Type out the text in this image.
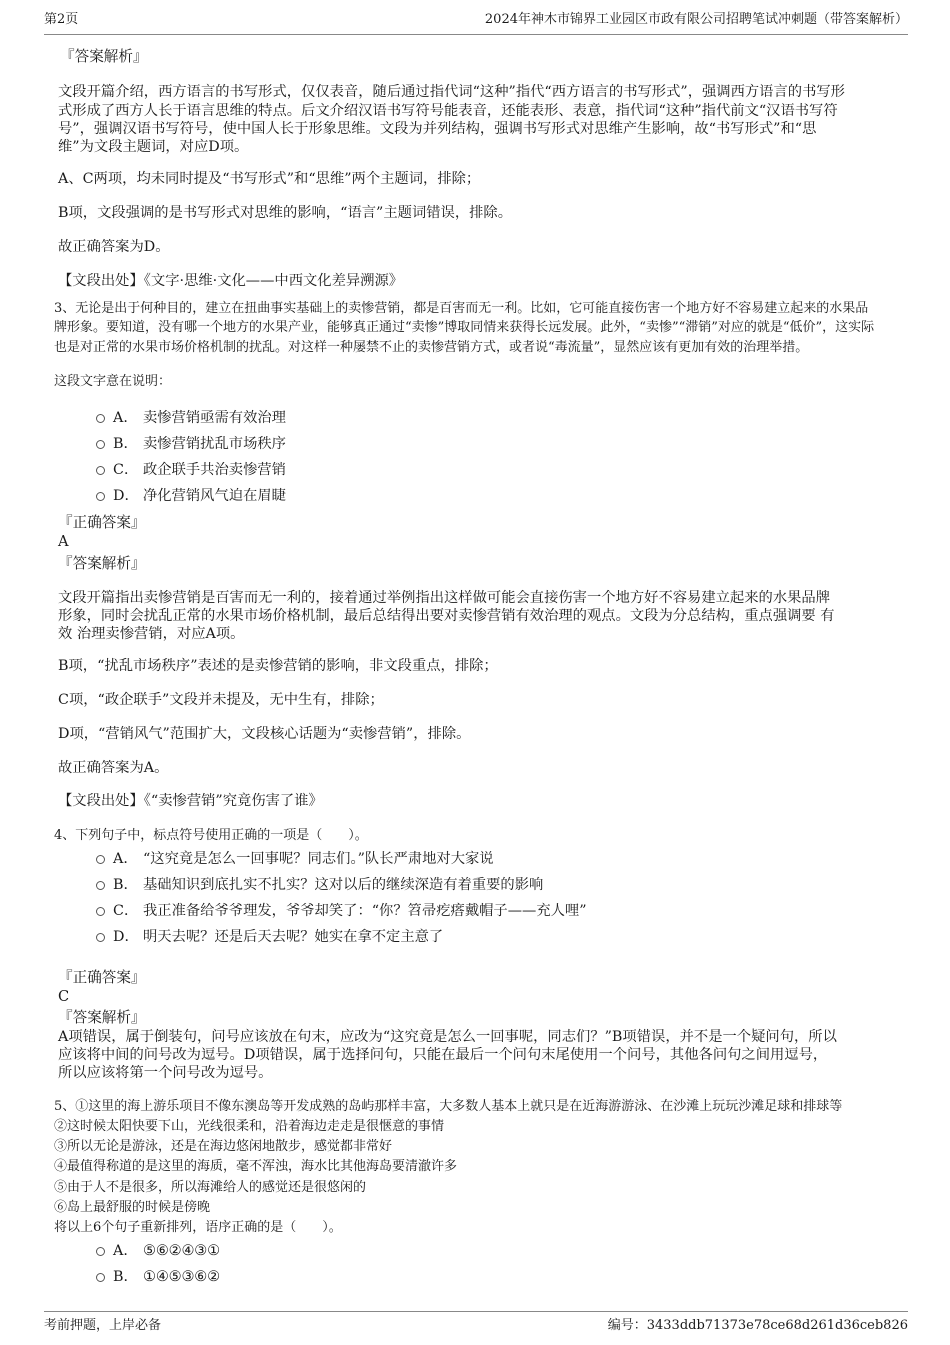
第2页	2024年神木市锦界工业园区市政有限公司招聘笔试冲刺题（带答案解析）
『答案解析』
文段开篇介绍，西方语言的书写形式，仅仅表音，随后通过指代词“这种”指代“西方语言的书写形式”，强调西方语言的书写形
式形成了西方人长于语言思维的特点。后文介绍汉语书写符号能表音，还能表形、表意，指代词“这种”指代前文“汉语书写符
号”，强调汉语书写符号，使中国人长于形象思维。文段为并列结构，强调书写形式对思维产生影响，故“书写形式”和“思
维”为文段主题词，对应D项。
A、C两项，均未同时提及“书写形式”和“思维”两个主题词，排除；
B项，文段强调的是书写形式对思维的影响，“语言”主题词错误，排除。
故正确答案为D。
【文段出处】《文字·思维·文化——中西文化差异溯源》
3、无论是出于何种目的，建立在扭曲事实基础上的卖惨营销，都是百害而无一利。比如，它可能直接伤害一个地方好不容易建立起来的水果品
牌形象。要知道，没有哪一个地方的水果产业，能够真正通过“卖惨”博取同情来获得长远发展。此外，“卖惨”“滞销”对应的就是“低价”，这实际
也是对正常的水果市场价格机制的扰乱。对这样一种屡禁不止的卖惨营销方式，或者说“毒流量”，显然应该有更加有效的治理举措。
这段文字意在说明：
A． 卖惨营销亟需有效治理
B． 卖惨营销扰乱市场秩序
C． 政企联手共治卖惨营销
D． 净化营销风气迫在眉睫
『正确答案』
A
『答案解析』
文段开篇指出卖惨营销是百害而无一利的，接着通过举例指出这样做可能会直接伤害一个地方好不容易建立起来的水果品牌
形象，同时会扰乱正常的水果市场价格机制，最后总结得出要对卖惨营销有效治理的观点。文段为分总结构，重点强调要 有
效 治理卖惨营销，对应A项。
B项，“扰乱市场秩序”表述的是卖惨营销的影响，非文段重点，排除；
C项，“政企联手”文段并未提及，无中生有，排除；
D项，“营销风气”范围扩大，文段核心话题为“卖惨营销”，排除。
故正确答案为A。
【文段出处】《“卖惨营销”究竟伤害了谁》
4、下列句子中，标点符号使用正确的一项是（　　）。
A． “这究竟是怎么一回事呢？同志们。”队长严肃地对大家说
B． 基础知识到底扎实不扎实？这对以后的继续深造有着重要的影响
C． 我正准备给爷爷理发，爷爷却笑了：“你？笤帚疙瘩戴帽子——充人哩”
D． 明天去呢？还是后天去呢？她实在拿不定主意了
『正确答案』
C
『答案解析』
A项错误，属于倒装句，问号应该放在句末，应改为“这究竟是怎么一回事呢，同志们？”B项错误，并不是一个疑问句，所以
应该将中间的问号改为逗号。D项错误，属于选择问句，只能在最后一个问句末尾使用一个问号，其他各问句之间用逗号，
所以应该将第一个问号改为逗号。
5、①这里的海上游乐项目不像东澳岛等开发成熟的岛屿那样丰富，大多数人基本上就只是在近海游游泳、在沙滩上玩玩沙滩足球和排球等
②这时候太阳快要下山，光线很柔和，沿着海边走走是很惬意的事情
③所以无论是游泳，还是在海边悠闲地散步，感觉都非常好
④最值得称道的是这里的海质，毫不浑浊，海水比其他海岛要清澈许多
⑤由于人不是很多，所以海滩给人的感觉还是很悠闲的
⑥岛上最舒服的时候是傍晚
将以上6个句子重新排列，语序正确的是（　　）。
A． ⑤⑥②④③①
B． ①④⑤③⑥②
考前押题，上岸必备	编号：3433ddb71373e78ce68d261d36ceb826
